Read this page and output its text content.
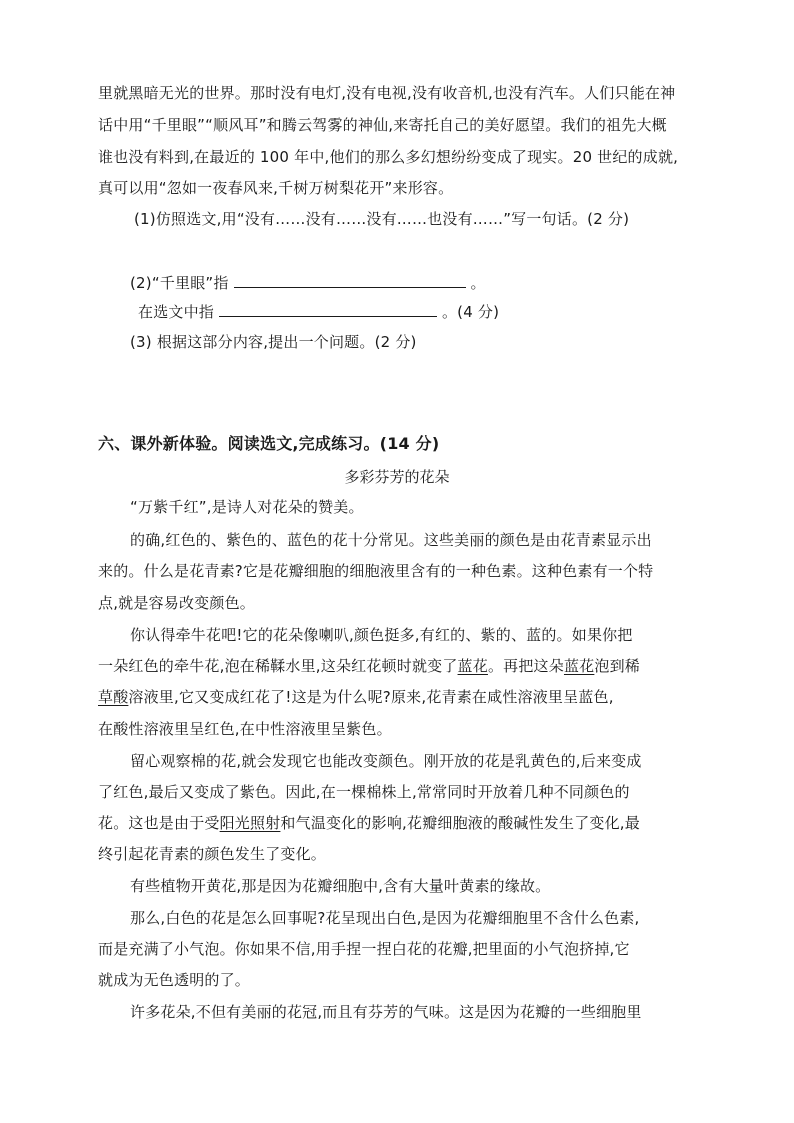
里就黑暗无光的世界。那时没有电灯,没有电视,没有收音机,也没有汽车。人们只能在神
话中用“千里眼”“顺风耳”和腾云驾雾的神仙,来寄托自己的美好愿望。我们的祖先大概
谁也没有料到,在最近的 100 年中,他们的那么多幻想纷纷变成了现实。20 世纪的成就,
真可以用“忽如一夜春风来,千树万树梨花开”来形容。
(1)仿照选文,用“没有……没有……没有……也没有……”写一句话。(2 分)
(2)“千里眼”指	。
在选文中指	。(4 分)
(3) 根据这部分内容,提出一个问题。(2 分)
六、课外新体验。阅读选文,完成练习。(14 分)
多彩芬芳的花朵
“万紫千红”,是诗人对花朵的赞美。
的确,红色的、紫色的、蓝色的花十分常见。这些美丽的颜色是由花青素显示出
来的。什么是花青素?它是花瓣细胞的细胞液里含有的一种色素。这种色素有一个特
点,就是容易改变颜色。
你认得牵牛花吧!它的花朵像喇叭,颜色挺多,有红的、紫的、蓝的。如果你把
一朵红色的牵牛花,泡在稀鞣水里,这朵红花顿时就变了蓝花。再把这朵蓝花泡到稀
草酸溶液里,它又变成红花了!这是为什么呢?原来,花青素在咸性溶液里呈蓝色,
在酸性溶液里呈红色,在中性溶液里呈紫色。
留心观察棉的花,就会发现它也能改变颜色。刚开放的花是乳黄色的,后来变成
了红色,最后又变成了紫色。因此,在一棵棉株上,常常同时开放着几种不同颜色的
花。这也是由于受阳光照射和气温变化的影响,花瓣细胞液的酸碱性发生了变化,最
终引起花青素的颜色发生了变化。
有些植物开黄花,那是因为花瓣细胞中,含有大量叶黄素的缘故。
那么,白色的花是怎么回事呢?花呈现出白色,是因为花瓣细胞里不含什么色素,
而是充满了小气泡。你如果不信,用手捏一捏白花的花瓣,把里面的小气泡挤掉,它
就成为无色透明的了。
许多花朵,不但有美丽的花冠,而且有芬芳的气味。这是因为花瓣的一些细胞里
